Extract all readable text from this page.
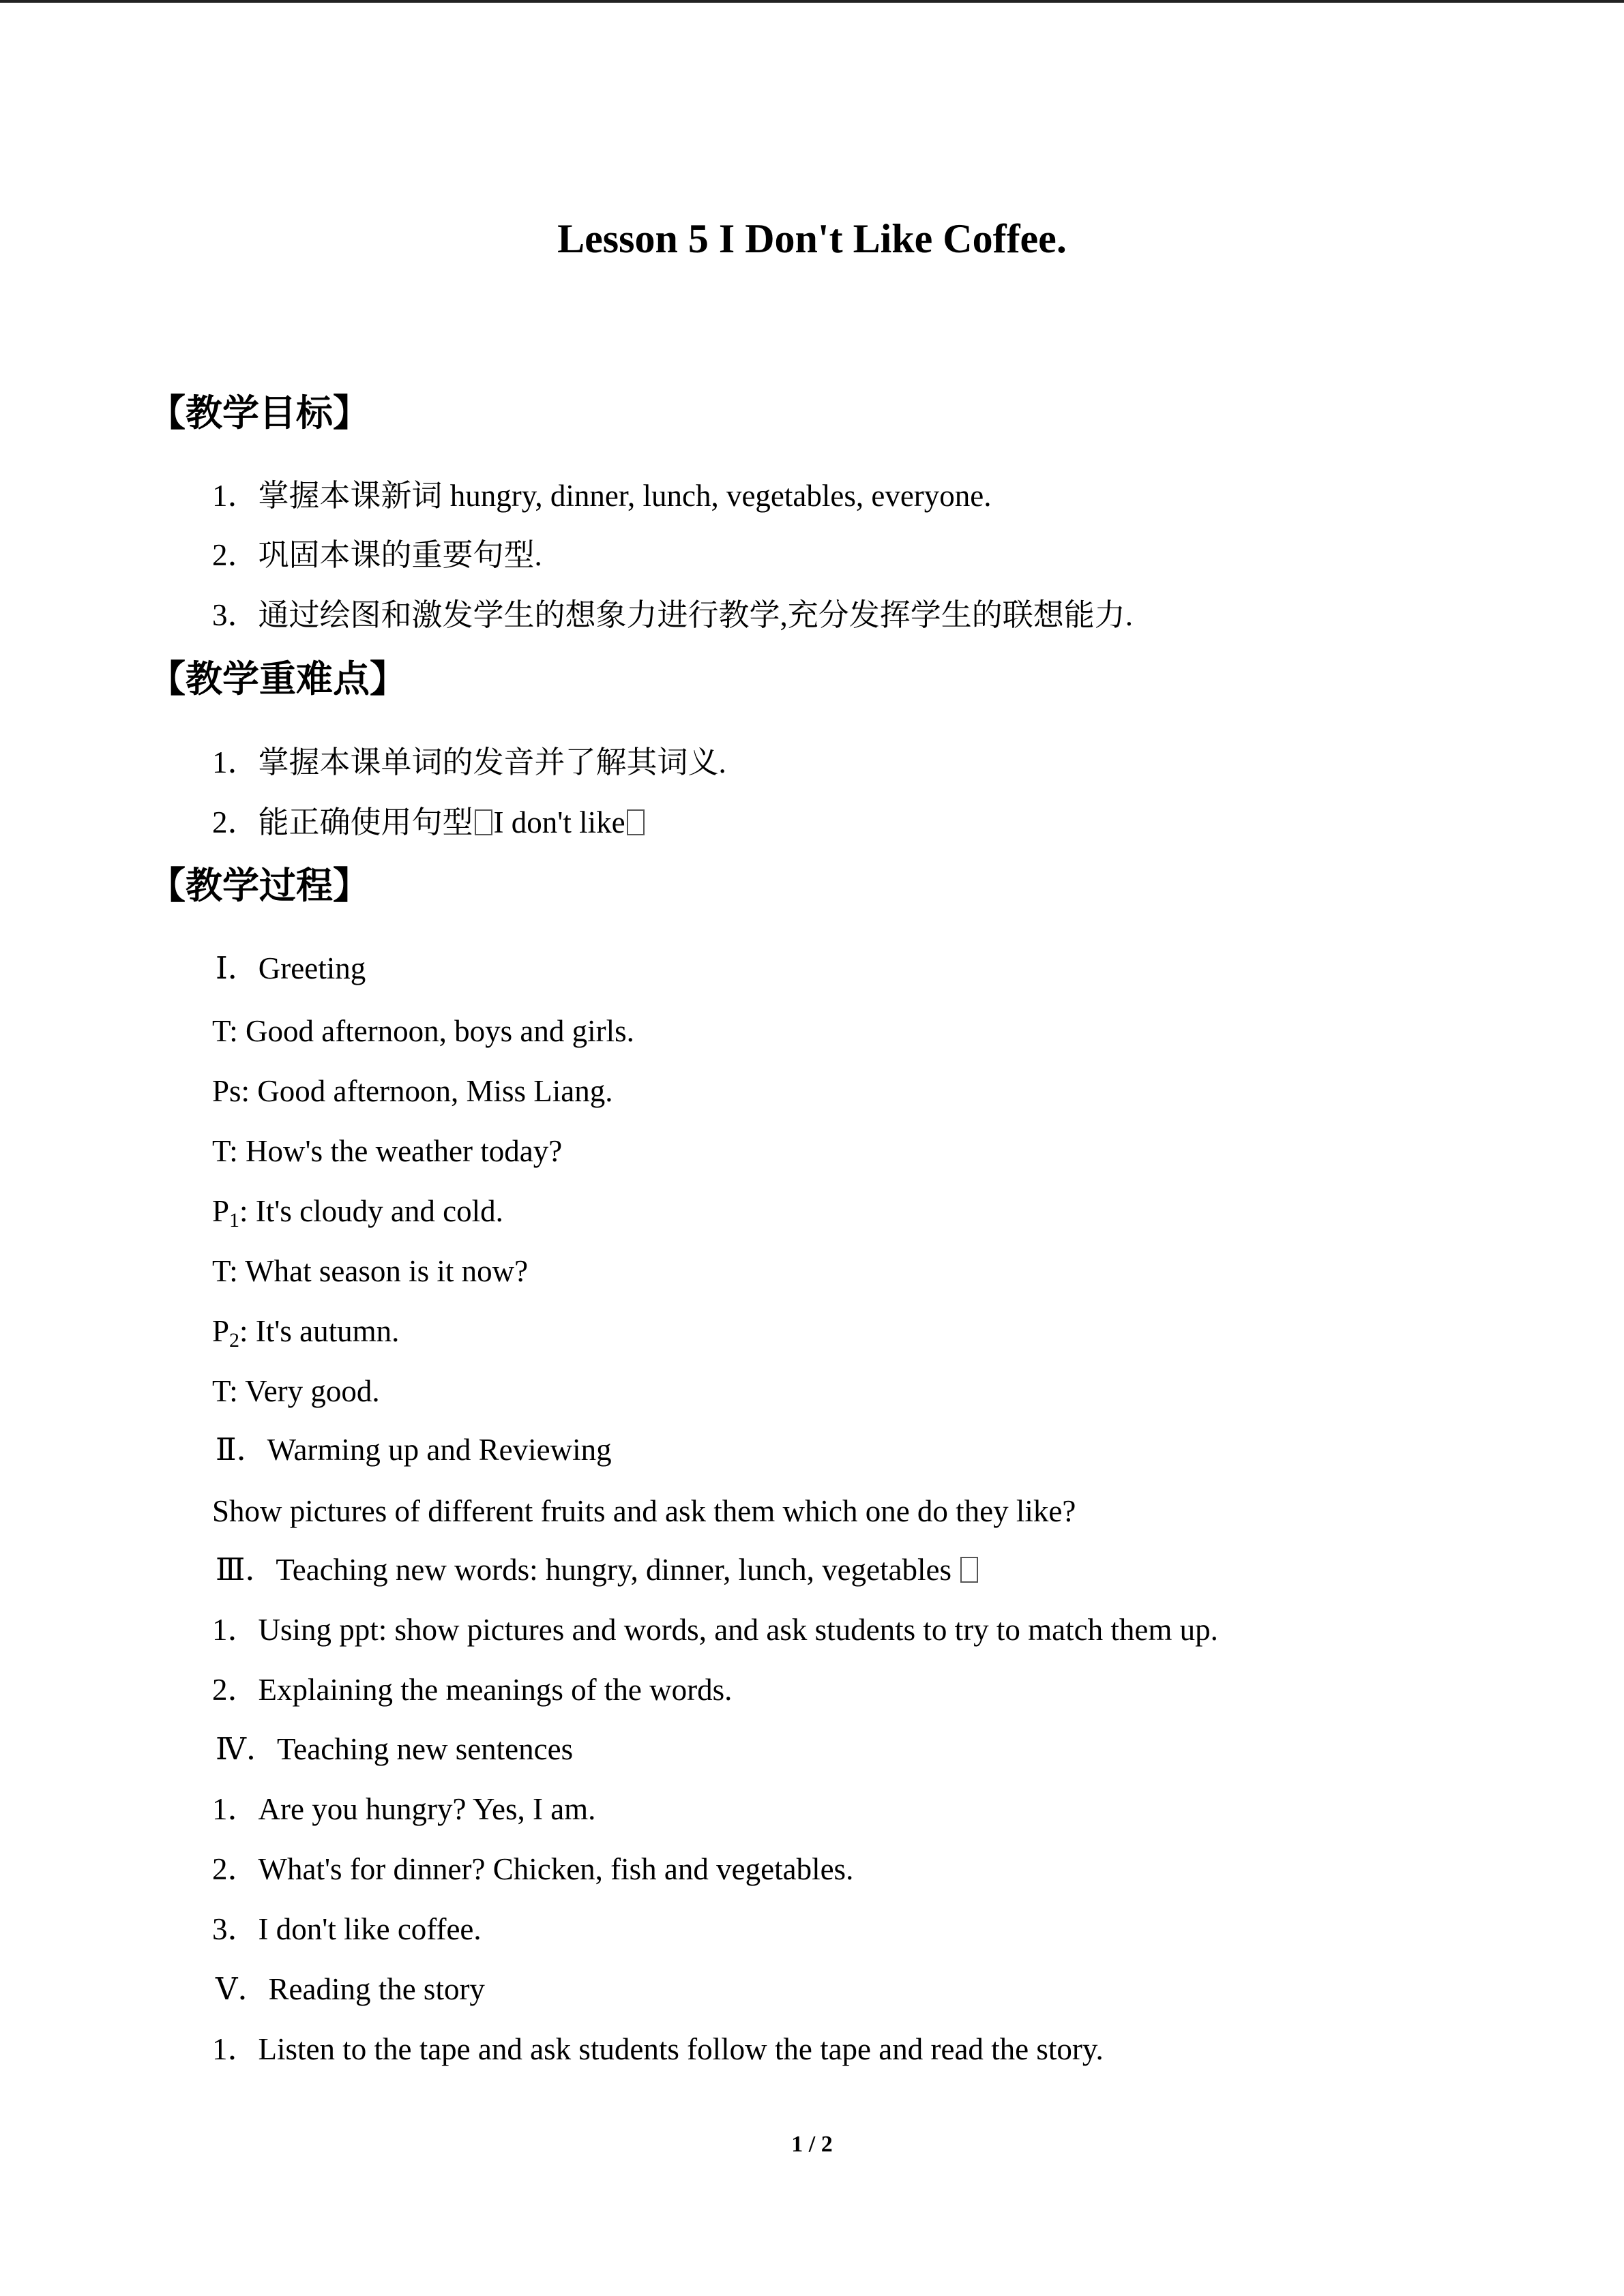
Lesson 5 I Don't Like Coffee.
【教学目标】
1．掌握本课新词 hungry, dinner, lunch, vegetables, everyone.
2．巩固本课的重要句型.
3．通过绘图和激发学生的想象力进行教学,充分发挥学生的联想能力.
【教学重难点】
1．掌握本课单词的发音并了解其词义.
2．能正确使用句型 I don't like
【教学过程】
Ⅰ．Greeting
T: Good afternoon, boys and girls.
Ps: Good afternoon, Miss Liang.
T: How's the weather today?
$P_1$: It's cloudy and cold.
T: What season is it now?
$P_2$: It's autumn.
T: Very good.
Ⅱ．Warming up and Reviewing
Show pictures of different fruits and ask them which one do they like?
Ⅲ．Teaching new words: hungry, dinner, lunch, vegetables
1．Using ppt: show pictures and words, and ask students to try to match them up.
2．Explaining the meanings of the words.
Ⅳ．Teaching new sentences
1．Are you hungry? Yes, I am.
2．What's for dinner? Chicken, fish and vegetables.
3．I don't like coffee.
Ⅴ．Reading the story
1．Listen to the tape and ask students follow the tape and read the story.
1 / 2
